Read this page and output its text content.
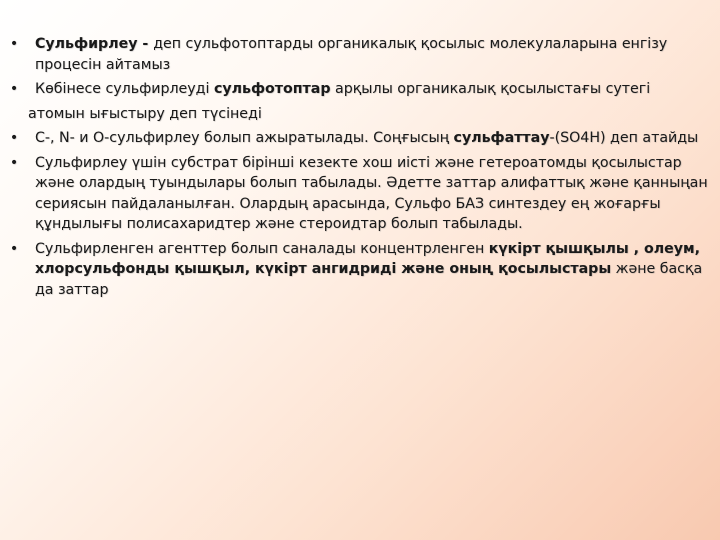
• Сульфирлеу - деп сульфотоптарды органикалық қосылыс молекулаларына енгізу процесін айтамыз
• Көбінесе сульфирлеуді сульфотоптар арқылы органикалық қосылыстағы сутегі
атомын ығыстыру деп түсінеді
• С-, N- и О-сульфирлеу болып ажыратылады. Соңғысың сульфаттау-(SO4H) деп атайды
• Сульфирлеу үшін субстрат бірінші кезекте хош иісті және гетероатомды қосылыстар және олардың туындылары болып табылады. Әдетте заттар алифаттық және қанныңан сериясын пайдаланылған. Олардың арасында, Сульфо БАЗ синтездеу ең жоғарғы құндылығы полисахаридтер және стероидтар болып табылады.
• Сульфирленген агенттер болып саналады концентрленген күкірт қышқылы , олеум, хлорсульфонды қышқыл, күкірт ангидриді және оның қосылыстары және басқа да заттар
